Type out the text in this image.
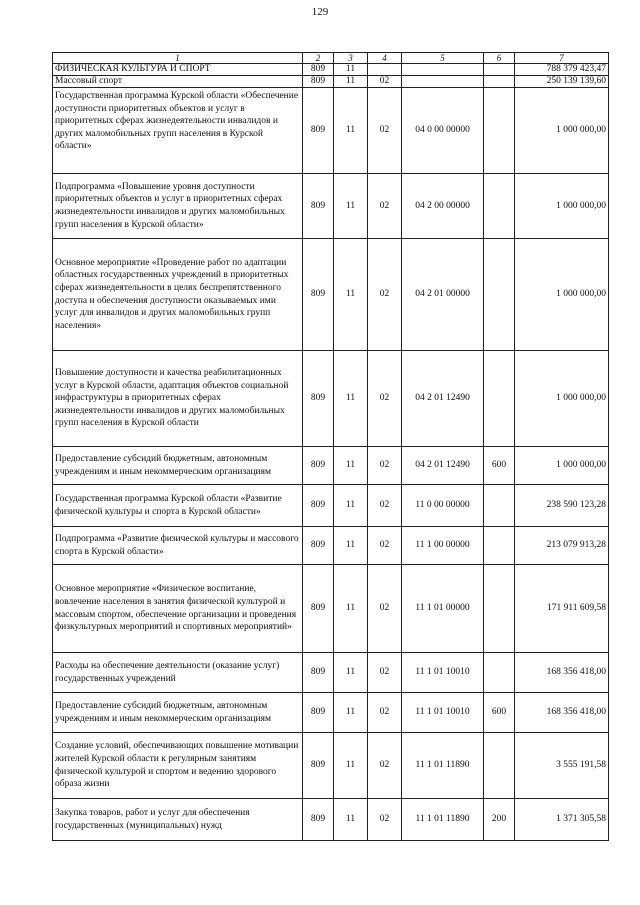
129
1	2	3	4	5	6	7
ФИЗИЧЕСКАЯ КУЛЬТУРА И СПОРТ	809	11				788 379 423,47
Массовый спорт	809	11	02			250 139 139,60
Государственная программа Курской области «Обеспечение доступности приоритетных объектов и услуг в приоритетных сферах жизнедеятельности инвалидов и других маломобильных групп населения в Курской области»	809	11	02	04 0 00 00000		1 000 000,00
Подпрограмма «Повышение уровня доступности приоритетных объектов и услуг в приоритетных сферах жизнедеятельности инвалидов и других маломобильных групп населения в Курской области»	809	11	02	04 2 00 00000		1 000 000,00
Основное мероприятие «Проведение работ по адаптации областных государственных учреждений в приоритетных сферах жизнедеятельности в целях беспрепятственного доступа и обеспечения доступности оказываемых ими услуг для инвалидов и других маломобильных групп населения»	809	11	02	04 2 01 00000		1 000 000,00
Повышение доступности и качества реабилитационных услуг в Курской области, адаптация объектов социальной инфраструктуры в приоритетных сферах жизнедеятельности инвалидов и других маломобильных групп населения в Курской области	809	11	02	04 2 01 12490		1 000 000,00
Предоставление субсидий бюджетным, автономным учреждениям и иным некоммерческим организациям	809	11	02	04 2 01 12490	600	1 000 000,00
Государственная программа Курской области «Развитие физической культуры и спорта в Курской области»	809	11	02	11 0 00 00000		238 590 123,28
Подпрограмма «Развитие физической культуры и массового спорта в Курской области»	809	11	02	11 1 00 00000		213 079 913,28
Основное мероприятие «Физическое воспитание, вовлечение населения в занятия физической культурой и массовым спортом, обеспечение организации и проведения физкультурных мероприятий и спортивных мероприятий»	809	11	02	11 1 01 00000		171 911 609,58
Расходы на обеспечение деятельности (оказание услуг) государственных учреждений	809	11	02	11 1 01 10010		168 356 418,00
Предоставление субсидий бюджетным, автономным учреждениям и иным некоммерческим организациям	809	11	02	11 1 01 10010	600	168 356 418,00
Создание условий, обеспечивающих повышение мотивации жителей Курской области к регулярным занятиям физической культурой и спортом и ведению здорового образа жизни	809	11	02	11 1 01 11890		3 555 191,58
Закупка товаров, работ и услуг для обеспечения государственных (муниципальных) нужд	809	11	02	11 1 01 11890	200	1 371 305,58
